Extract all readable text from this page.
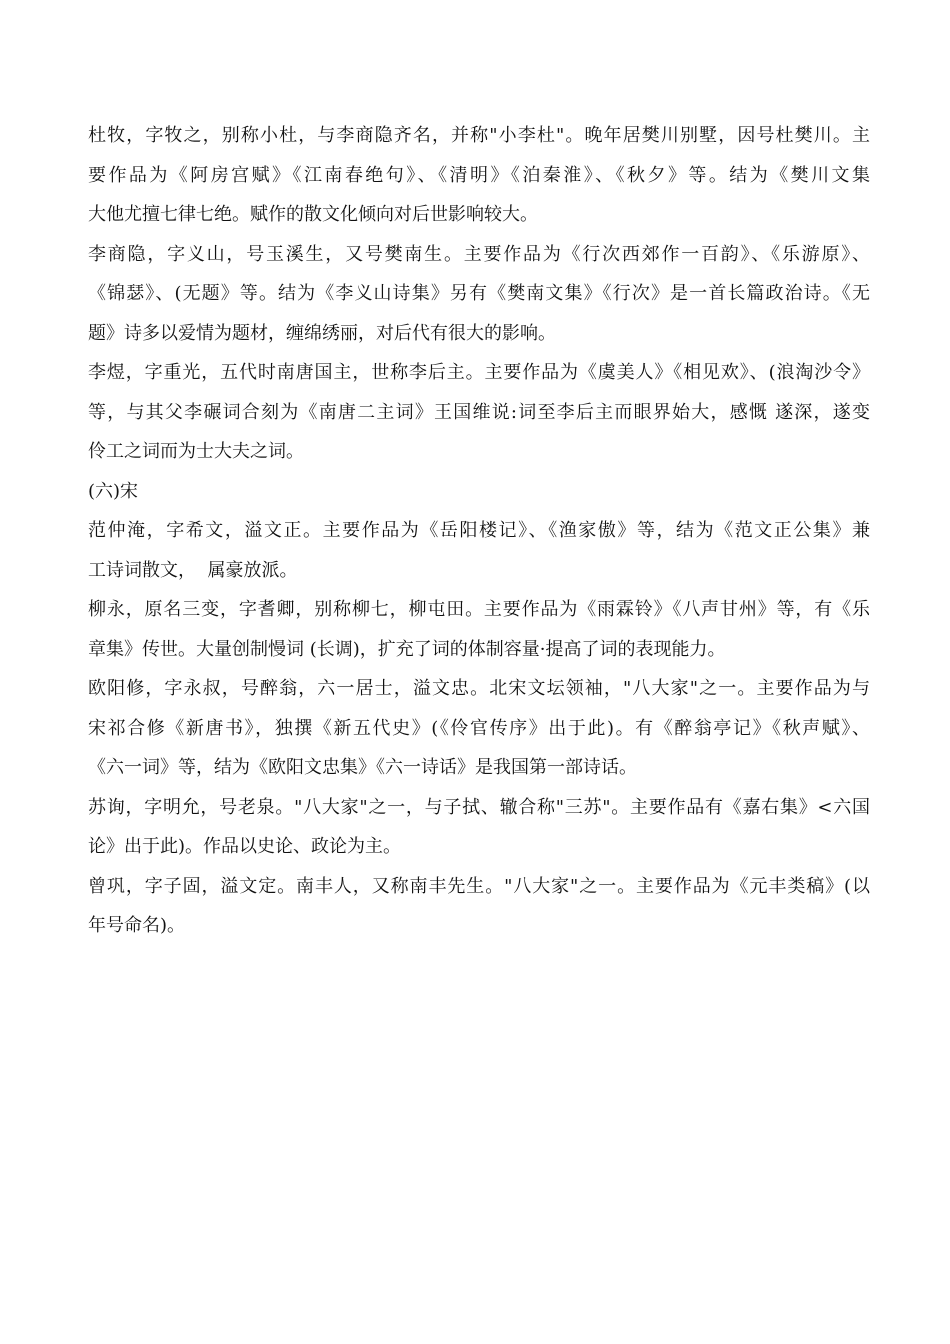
杜牧，字牧之，别称小杜，与李商隐齐名，并称"小李杜"。晚年居樊川别墅，因号杜樊川。主
要作品为《阿房宫赋》《江南春绝句》、《清明》《泊秦淮》、《秋夕》等。结为《樊川文集
大他尤擅七律七绝。赋作的散文化倾向对后世影响较大。
李商隐，字义山，号玉溪生，又号樊南生。主要作品为《行次西郊作一百韵》、《乐游原》、
《锦瑟》、(无题》等。结为《李义山诗集》另有《樊南文集》《行次》是一首长篇政治诗。《无
题》诗多以爱情为题材，缠绵绣丽，对后代有很大的影响。
李煜，字重光，五代时南唐国主，世称李后主。主要作品为《虞美人》《相见欢》、(浪淘沙令》
等，与其父李碾词合刻为《南唐二主词》王国维说:词至李后主而眼界始大，感慨 遂深，遂变
伶工之词而为士大夫之词。
(六)宋
范仲淹，字希文，溢文正。主要作品为《岳阳楼记》、《渔家傲》等，结为《范文正公集》兼
工诗词散文，  属豪放派。
柳永，原名三变，字耆卿，别称柳七，柳屯田。主要作品为《雨霖铃》《八声甘州》等，有《乐
章集》传世。大量创制慢词 (长调)，扩充了词的体制容量·提高了词的表现能力。
欧阳修，字永叔，号醉翁，六一居士，溢文忠。北宋文坛领袖，"八大家"之一。主要作品为与
宋祁合修《新唐书》，独撰《新五代史》(《伶官传序》出于此)。有《醉翁亭记》《秋声赋》、
《六一词》等，结为《欧阳文忠集》《六一诗话》是我国第一部诗话。
苏询，字明允，号老泉。"八大家"之一，与子拭、辙合称"三苏"。主要作品有《嘉右集》<六国
论》出于此)。作品以史论、政论为主。
曾巩，字子固，溢文定。南丰人，又称南丰先生。"八大家"之一。主要作品为《元丰类稿》(以
年号命名)。
